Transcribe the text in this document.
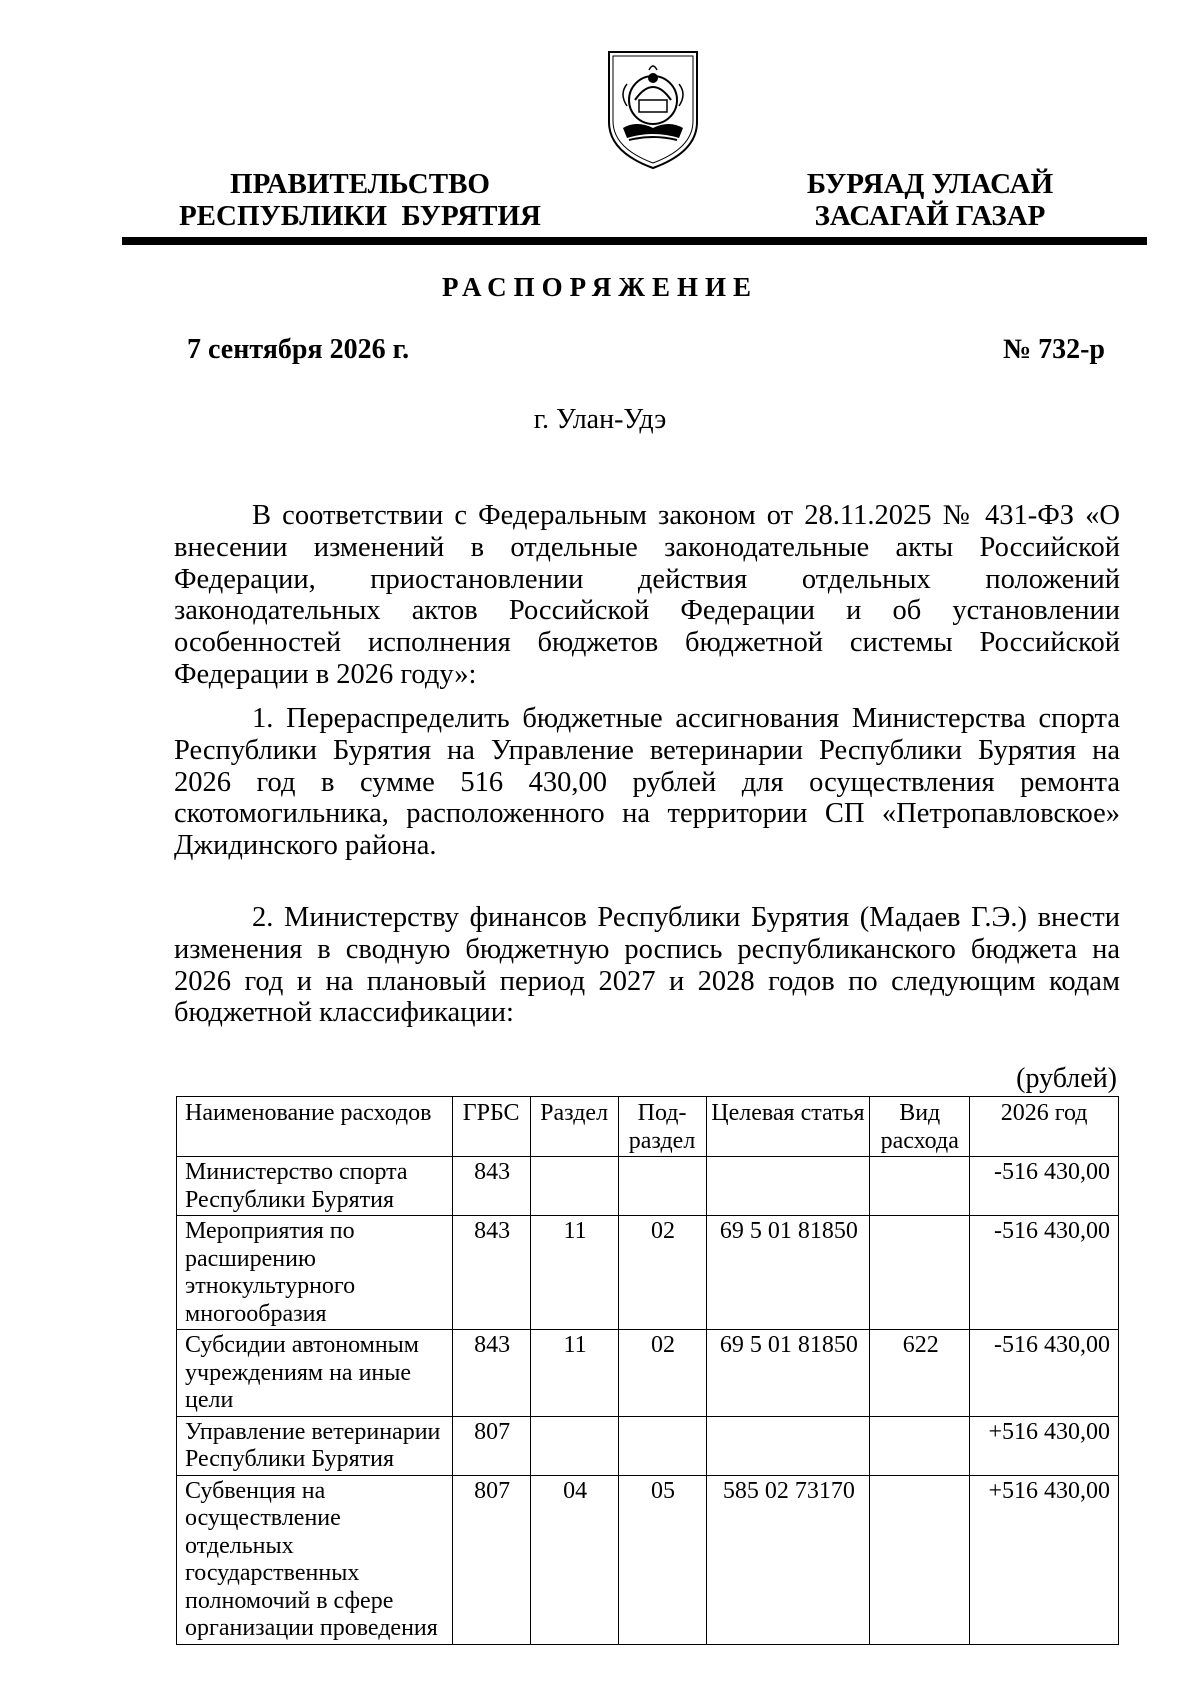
ПРАВИТЕЛЬСТВО
РЕСПУБЛИКИ  БУРЯТИЯ
БУРЯАД УЛАСАЙ
ЗАСАГАЙ ГАЗАР
РАСПОРЯЖЕНИЕ
7 сентября 2026 г.	№ 732-р
г. Улан-Удэ

В соответствии с Федеральным законом от 28.11.2025 № 431-ФЗ «О внесении изменений в отдельные законодательные акты Российской Федерации, приостановлении действия отдельных положений законодательных актов Российской Федерации и об установлении особенностей исполнения бюджетов бюджетной системы Российской Федерации в 2026 году»:

1. Перераспределить бюджетные ассигнования Министерства спорта Республики Бурятия на Управление ветеринарии Республики Бурятия на 2026 год в сумме 516 430,00 рублей для осуществления ремонта скотомогильника, расположенного на территории СП «Петропавловское» Джидинского района.

2. Министерству финансов Республики Бурятия (Мадаев Г.Э.) внести изменения в сводную бюджетную роспись республиканского бюджета на 2026 год и на плановый период 2027 и 2028 годов по следующим кодам бюджетной классификации:

(рублей)
Наименование расходов	ГРБС	Раздел	Под-раздел	Целевая статья	Вид расхода	2026 год
Министерство спорта Республики Бурятия	843					-516 430,00
Мероприятия по расширению этнокультурного многообразия	843	11	02	69 5 01 81850		-516 430,00
Субсидии автономным учреждениям на иные цели	843	11	02	69 5 01 81850	622	-516 430,00
Управление ветеринарии Республики Бурятия	807					+516 430,00
Субвенция на осуществление отдельных государственных полномочий в сфере организации проведения	807	04	05	585 02 73170		+516 430,00
